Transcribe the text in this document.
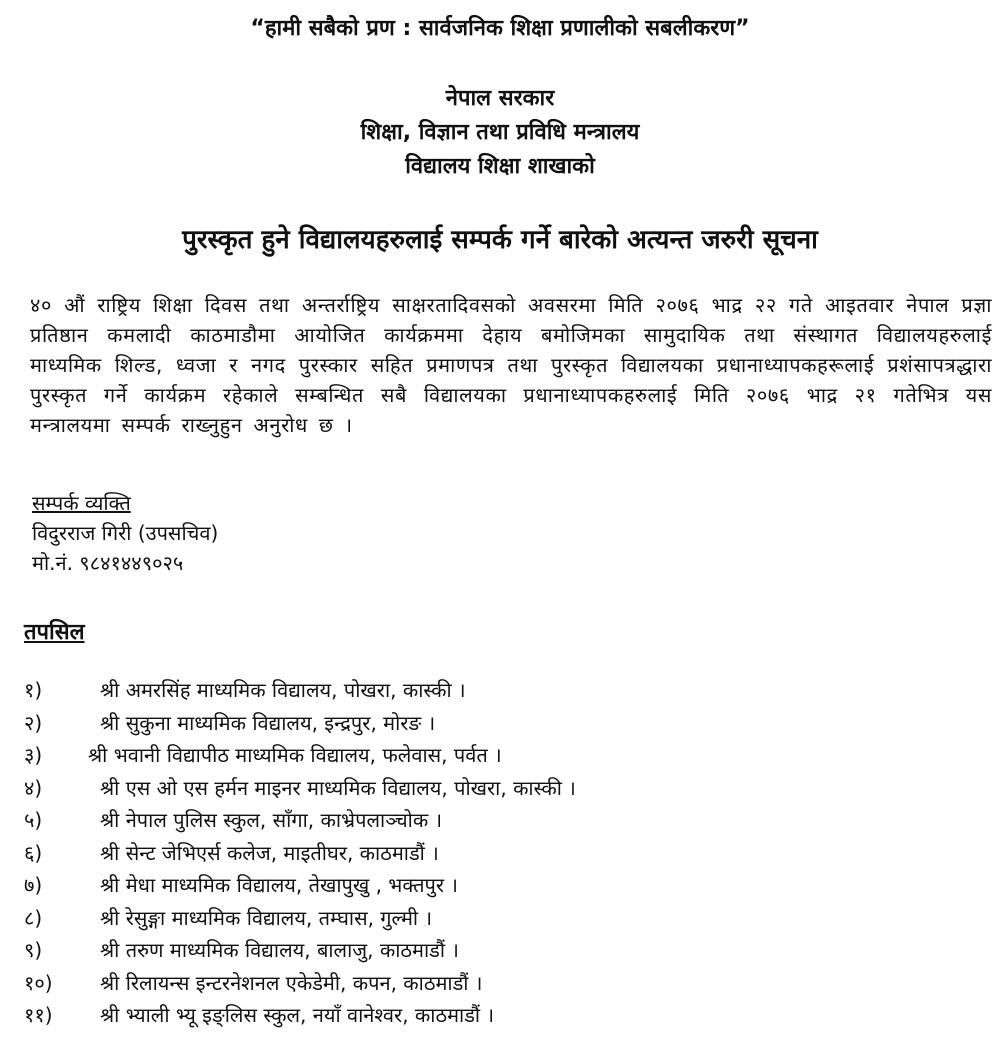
“हामी सबैको प्रण : सार्वजनिक शिक्षा प्रणालीको सबलीकरण”
नेपाल सरकार
शिक्षा, विज्ञान तथा प्रविधि मन्त्रालय
विद्यालय शिक्षा शाखाको
पुरस्कृत हुने विद्यालयहरुलाई सम्पर्क गर्ने बारेको अत्यन्त जरुरी सूचना
४० औं राष्ट्रिय शिक्षा दिवस तथा अन्तर्राष्ट्रिय साक्षरतादिवसको अवसरमा मिति २०७६ भाद्र २२ गते आइतवार नेपाल प्रज्ञा प्रतिष्ठान कमलादी काठमाडौमा आयोजित कार्यक्रममा देहाय बमोजिमका सामुदायिक तथा संस्थागत विद्यालयहरुलाई माध्यमिक शिल्ड, ध्वजा र नगद पुरस्कार सहित प्रमाणपत्र तथा पुरस्कृत विद्यालयका प्रधानाध्यापकहरूलाई प्रशंसापत्रद्धारा पुरस्कृत गर्ने कार्यक्रम रहेकाले सम्बन्धित सबै विद्यालयका प्रधानाध्यापकहरुलाई मिति २०७६ भाद्र २१ गतेभित्र यस मन्त्रालयमा सम्पर्क राख्नुहुन अनुरोध छ ।
सम्पर्क व्यक्ति
विदुरराज गिरी (उपसचिव)
मो.नं. ९८४१४४९०२५
तपसिल
१)	श्री अमरसिंह माध्यमिक विद्यालय, पोखरा, कास्की ।
२)	श्री सुकुना माध्यमिक विद्यालय, इन्द्रपुर, मोरङ ।
३) श्री भवानी विद्यापीठ माध्यमिक विद्यालय, फलेवास, पर्वत ।
४)	श्री एस ओ एस हर्मन माइनर माध्यमिक विद्यालय, पोखरा, कास्की ।
५)	श्री नेपाल पुलिस स्कुल, साँगा, काभ्रेपलाञ्चोक ।
६)	श्री सेन्ट जेभिएर्स कलेज, माइतीघर, काठमाडौं ।
७)	श्री मेधा माध्यमिक विद्यालय, तेखापुखु , भक्तपुर ।
८)	श्री रेसुङ्गा माध्यमिक विद्यालय, तम्घास, गुल्मी ।
९)	श्री तरुण माध्यमिक विद्यालय, बालाजु, काठमाडौं ।
१०) श्री रिलायन्स इन्टरनेशनल एकेडेमी, कपन, काठमाडौं ।
११) श्री भ्याली भ्यू इङ्लिस स्कुल, नयाँ वानेश्वर, काठमाडौं ।
